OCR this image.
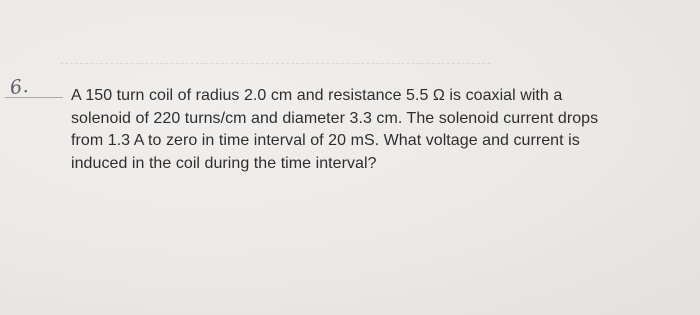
6.	A 150 turn coil of radius 2.0 cm and resistance 5.5 Ω is coaxial with a
solenoid of 220 turns/cm and diameter 3.3 cm. The solenoid current drops
from 1.3 A to zero in time interval of 20 mS. What voltage and current is
induced in the coil during the time interval?
